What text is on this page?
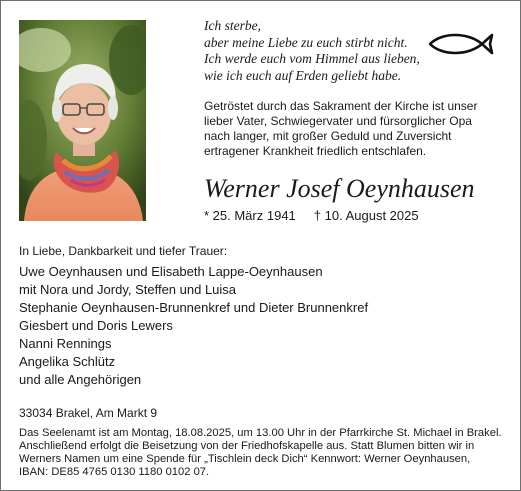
Ich sterbe,
aber meine Liebe zu euch stirbt nicht.
Ich werde euch vom Himmel aus lieben,
wie ich euch auf Erden geliebt habe.
Getröstet durch das Sakrament der Kirche ist unser
lieber Vater, Schwiegervater und fürsorglicher Opa
nach langer, mit großer Geduld und Zuversicht
ertragener Krankheit friedlich entschlafen.
Werner Josef Oeynhausen
* 25. März 1941 † 10. August 2025
In Liebe, Dankbarkeit und tiefer Trauer:
Uwe Oeynhausen und Elisabeth Lappe-Oeynhausen
mit Nora und Jordy, Steffen und Luisa
Stephanie Oeynhausen-Brunnenkref und Dieter Brunnenkref
Giesbert und Doris Lewers
Nanni Rennings
Angelika Schlütz
und alle Angehörigen
33034 Brakel, Am Markt 9
Das Seelenamt ist am Montag, 18.08.2025, um 13.00 Uhr in der Pfarrkirche St. Michael in Brakel.
Anschließend erfolgt die Beisetzung von der Friedhofskapelle aus. Statt Blumen bitten wir in
Werners Namen um eine Spende für „Tischlein deck Dich“ Kennwort: Werner Oeynhausen,
IBAN: DE85 4765 0130 1180 0102 07.
